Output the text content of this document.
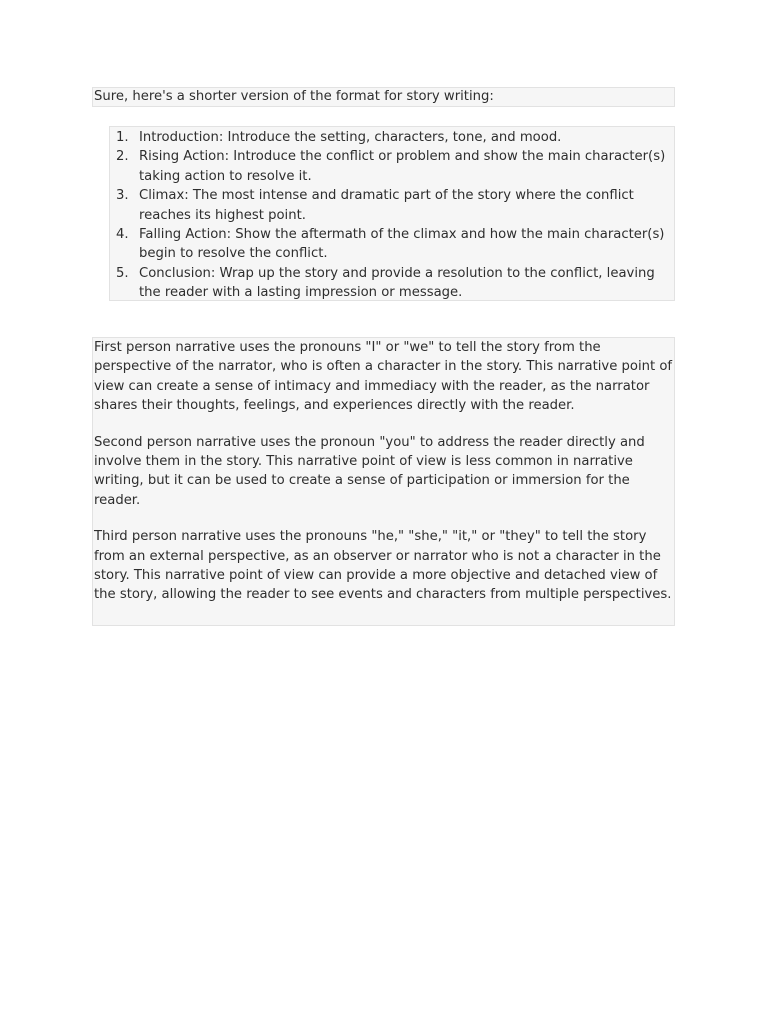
Sure, here's a shorter version of the format for story writing:
1. Introduction: Introduce the setting, characters, tone, and mood.
2. Rising Action: Introduce the conflict or problem and show the main character(s) taking action to resolve it.
3. Climax: The most intense and dramatic part of the story where the conflict reaches its highest point.
4. Falling Action: Show the aftermath of the climax and how the main character(s) begin to resolve the conflict.
5. Conclusion: Wrap up the story and provide a resolution to the conflict, leaving the reader with a lasting impression or message.

First person narrative uses the pronouns "I" or "we" to tell the story from the perspective of the narrator, who is often a character in the story. This narrative point of view can create a sense of intimacy and immediacy with the reader, as the narrator shares their thoughts, feelings, and experiences directly with the reader.

Second person narrative uses the pronoun "you" to address the reader directly and involve them in the story. This narrative point of view is less common in narrative writing, but it can be used to create a sense of participation or immersion for the reader.

Third person narrative uses the pronouns "he," "she," "it," or "they" to tell the story from an external perspective, as an observer or narrator who is not a character in the story. This narrative point of view can provide a more objective and detached view of the story, allowing the reader to see events and characters from multiple perspectives.
